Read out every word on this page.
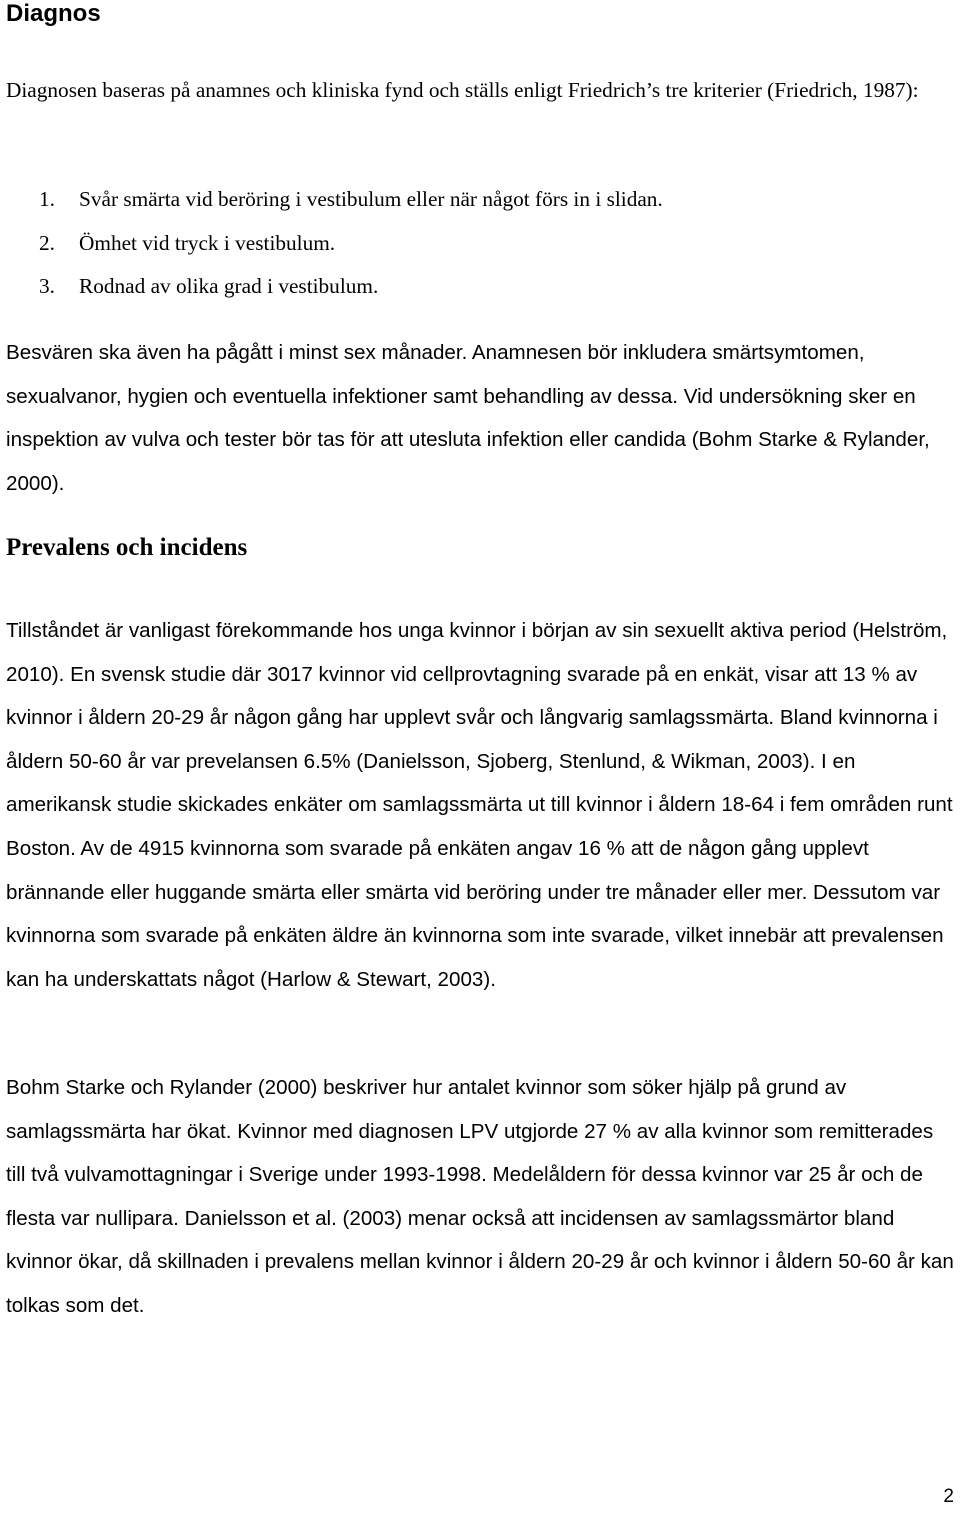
Diagnos

Diagnosen baseras på anamnes och kliniska fynd och ställs enligt Friedrich’s tre kriterier (Friedrich, 1987):

1. Svår smärta vid beröring i vestibulum eller när något förs in i slidan.
2. Ömhet vid tryck i vestibulum.
3. Rodnad av olika grad i vestibulum.

Besvären ska även ha pågått i minst sex månader. Anamnesen bör inkludera smärtsymtomen, sexualvanor, hygien och eventuella infektioner samt behandling av dessa. Vid undersökning sker en inspektion av vulva och tester bör tas för att utesluta infektion eller candida (Bohm Starke & Rylander, 2000).

Prevalens och incidens

Tillståndet är vanligast förekommande hos unga kvinnor i början av sin sexuellt aktiva period (Helström, 2010). En svensk studie där 3017 kvinnor vid cellprovtagning svarade på en enkät, visar att 13 % av kvinnor i åldern 20-29 år någon gång har upplevt svår och långvarig samlagssmärta. Bland kvinnorna i åldern 50-60 år var prevelansen 6.5% (Danielsson, Sjoberg, Stenlund, & Wikman, 2003). I en amerikansk studie skickades enkäter om samlagssmärta ut till kvinnor i åldern 18-64 i fem områden runt Boston. Av de 4915 kvinnorna som svarade på enkäten angav 16 % att de någon gång upplevt brännande eller huggande smärta eller smärta vid beröring under tre månader eller mer. Dessutom var kvinnorna som svarade på enkäten äldre än kvinnorna som inte svarade, vilket innebär att prevalensen kan ha underskattats något (Harlow & Stewart, 2003).

Bohm Starke och Rylander (2000) beskriver hur antalet kvinnor som söker hjälp på grund av samlagssmärta har ökat. Kvinnor med diagnosen LPV utgjorde 27 % av alla kvinnor som remitterades till två vulvamottagningar i Sverige under 1993-1998. Medelåldern för dessa kvinnor var 25 år och de flesta var nullipara. Danielsson et al. (2003) menar också att incidensen av samlagssmärtor bland kvinnor ökar, då skillnaden i prevalens mellan kvinnor i åldern 20-29 år och kvinnor i åldern 50-60 år kan tolkas som det.

2
